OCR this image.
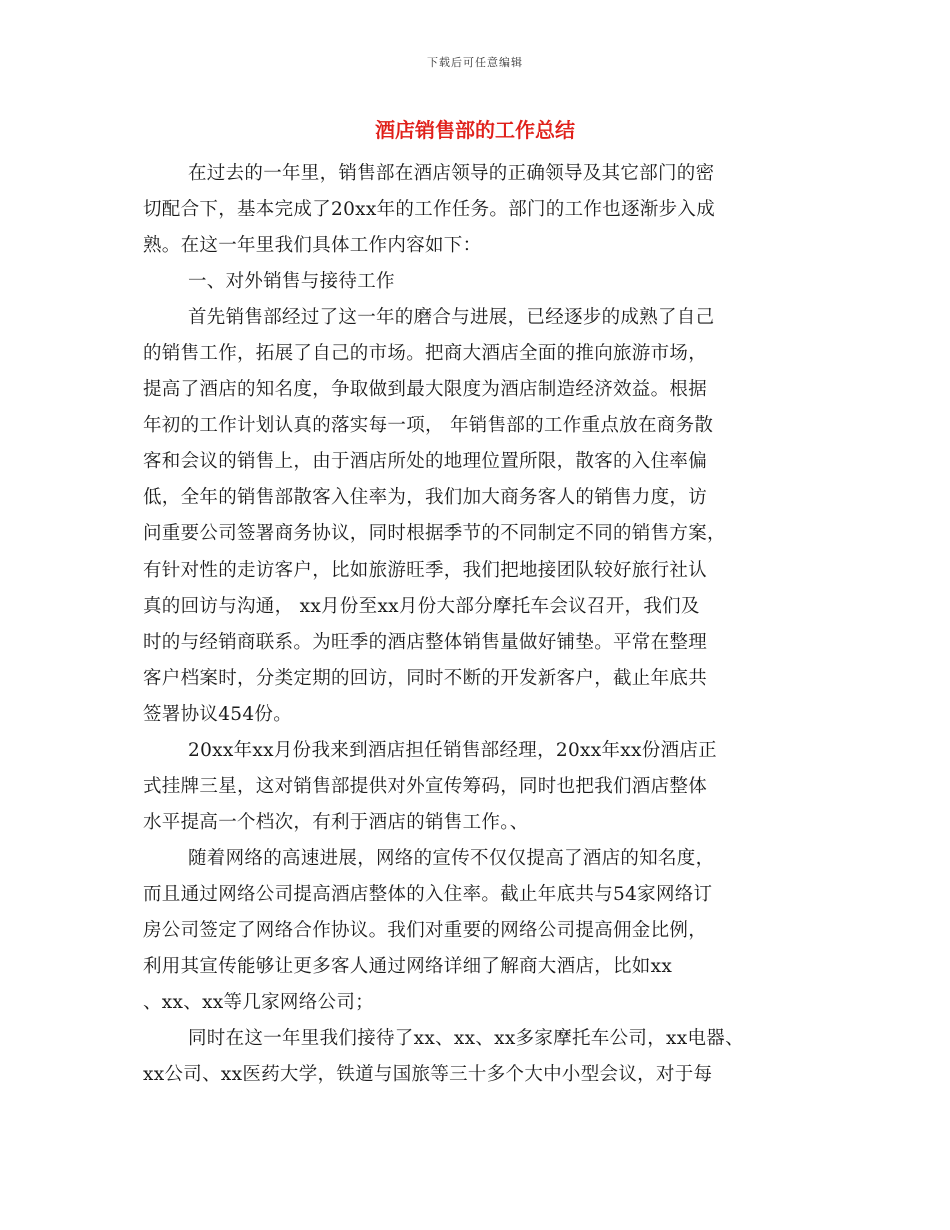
下载后可任意编辑
酒店销售部的工作总结
在过去的一年里，销售部在酒店领导的正确领导及其它部门的密
切配合下，基本完成了20xx年的工作任务。部门的工作也逐渐步入成
熟。在这一年里我们具体工作内容如下：
一、对外销售与接待工作
首先销售部经过了这一年的磨合与进展，已经逐步的成熟了自己
的销售工作，拓展了自己的市场。把商大酒店全面的推向旅游市场，
提高了酒店的知名度，争取做到最大限度为酒店制造经济效益。根据
年初的工作计划认真的落实每一项， 年销售部的工作重点放在商务散
客和会议的销售上，由于酒店所处的地理位置所限，散客的入住率偏
低，全年的销售部散客入住率为，我们加大商务客人的销售力度，访
问重要公司签署商务协议，同时根据季节的不同制定不同的销售方案，
有针对性的走访客户，比如旅游旺季，我们把地接团队较好旅行社认
真的回访与沟通， xx月份至xx月份大部分摩托车会议召开，我们及
时的与经销商联系。为旺季的酒店整体销售量做好铺垫。平常在整理
客户档案时，分类定期的回访，同时不断的开发新客户，截止年底共
签署协议454份。
20xx年xx月份我来到酒店担任销售部经理，20xx年xx份酒店正
式挂牌三星，这对销售部提供对外宣传筹码，同时也把我们酒店整体
水平提高一个档次，有利于酒店的销售工作。、
随着网络的高速进展，网络的宣传不仅仅提高了酒店的知名度，
而且通过网络公司提高酒店整体的入住率。截止年底共与54家网络订
房公司签定了网络合作协议。我们对重要的网络公司提高佣金比例，
利用其宣传能够让更多客人通过网络详细了解商大酒店，比如xx
、xx、xx等几家网络公司；
同时在这一年里我们接待了xx、xx、xx多家摩托车公司，xx电器、
xx公司、xx医药大学，铁道与国旅等三十多个大中小型会议，对于每
